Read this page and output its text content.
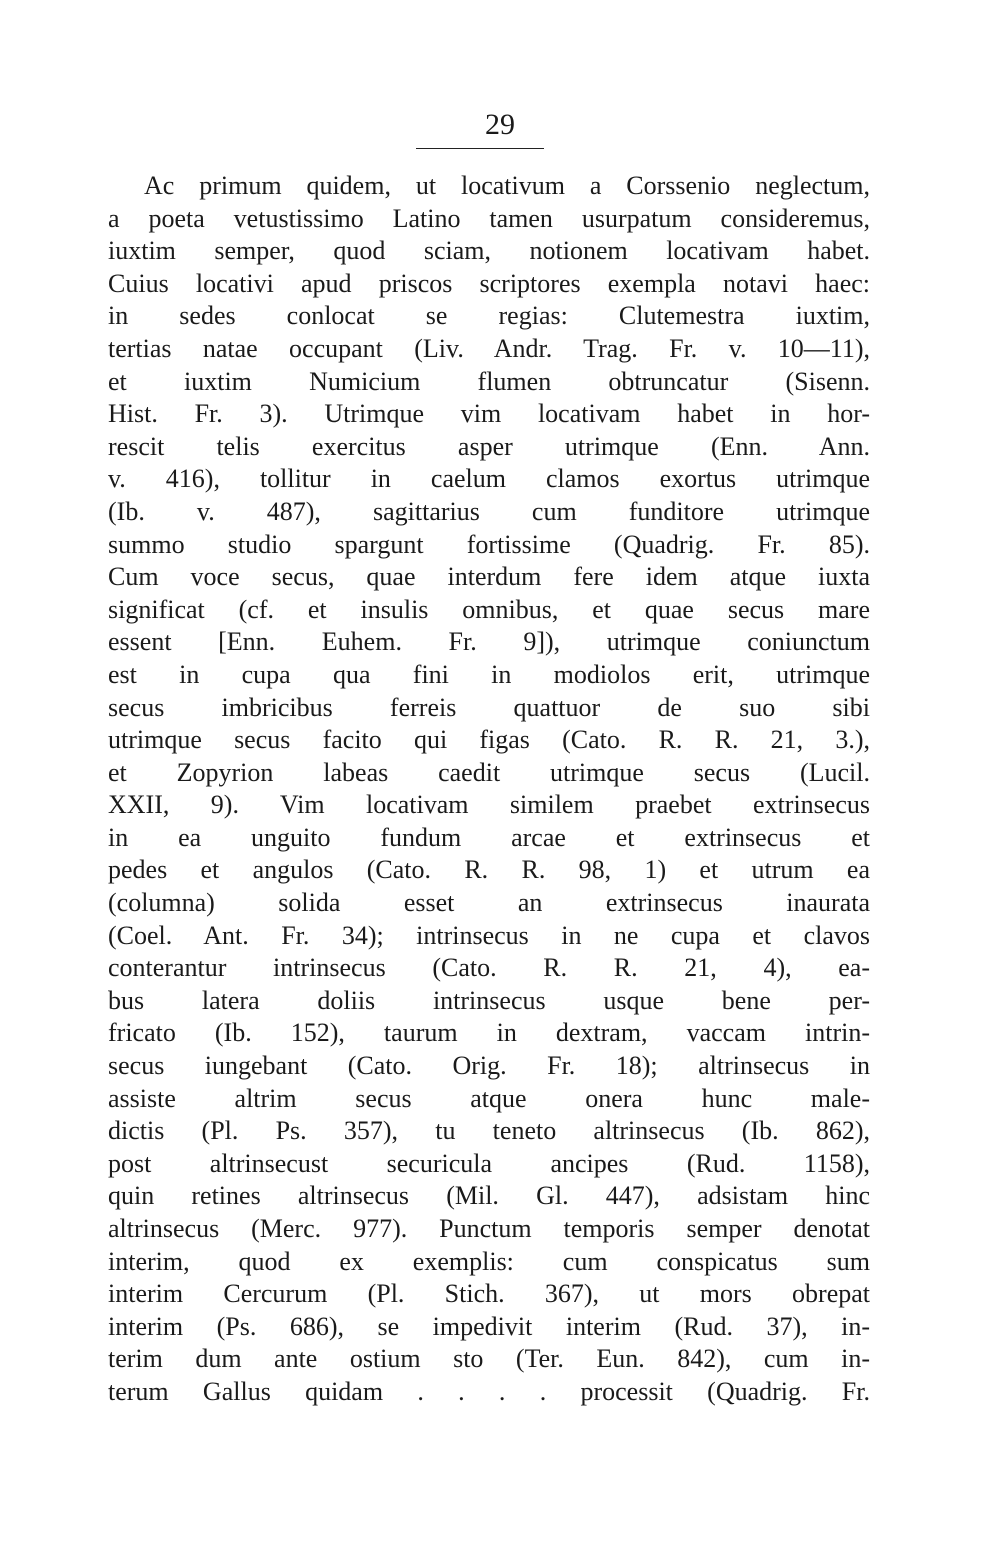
29
Ac primum quidem, ut locativum a Corssenio neglectum,
a poeta vetustissimo Latino tamen usurpatum consideremus,
iuxtim semper, quod sciam, notionem locativam habet.
Cuius locativi apud priscos scriptores exempla notavi haec:
in sedes conlocat se regias: Clutemestra iuxtim,
tertias natae occupant (Liv. Andr. Trag. Fr. v. 10—11),
et iuxtim Numicium flumen obtruncatur (Sisenn.
Hist. Fr. 3). Utrimque vim locativam habet in hor-
rescit telis exercitus asper utrimque (Enn. Ann.
v. 416), tollitur in caelum clamos exortus utrimque
(Ib. v. 487), sagittarius cum funditore utrimque
summo studio spargunt fortissime (Quadrig. Fr. 85).
Cum voce secus, quae interdum fere idem atque iuxta
significat (cf. et insulis omnibus, et quae secus mare
essent [Enn. Euhem. Fr. 9]), utrimque coniunctum
est in cupa qua fini in modiolos erit, utrimque
secus imbricibus ferreis quattuor de suo sibi
utrimque secus facito qui figas (Cato. R. R. 21, 3.),
et Zopyrion labeas caedit utrimque secus (Lucil.
XXII, 9). Vim locativam similem praebet extrinsecus
in ea unguito fundum arcae et extrinsecus et
pedes et angulos (Cato. R. R. 98, 1) et utrum ea
(columna) solida esset an extrinsecus inaurata
(Coel. Ant. Fr. 34); intrinsecus in ne cupa et clavos
conterantur intrinsecus (Cato. R. R. 21, 4), ea-
bus latera doliis intrinsecus usque bene per-
fricato (Ib. 152), taurum in dextram, vaccam intrin-
secus iungebant (Cato. Orig. Fr. 18); altrinsecus in
assiste altrim secus atque onera hunc male-
dictis (Pl. Ps. 357), tu teneto altrinsecus (Ib. 862),
post altrinsecust securicula ancipes (Rud. 1158),
quin retines altrinsecus (Mil. Gl. 447), adsistam hinc
altrinsecus (Merc. 977). Punctum temporis semper denotat
interim, quod ex exemplis: cum conspicatus sum
interim Cercurum (Pl. Stich. 367), ut mors obrepat
interim (Ps. 686), se impedivit interim (Rud. 37), in-
terim dum ante ostium sto (Ter. Eun. 842), cum in-
terum Gallus quidam . . . . processit (Quadrig. Fr.
